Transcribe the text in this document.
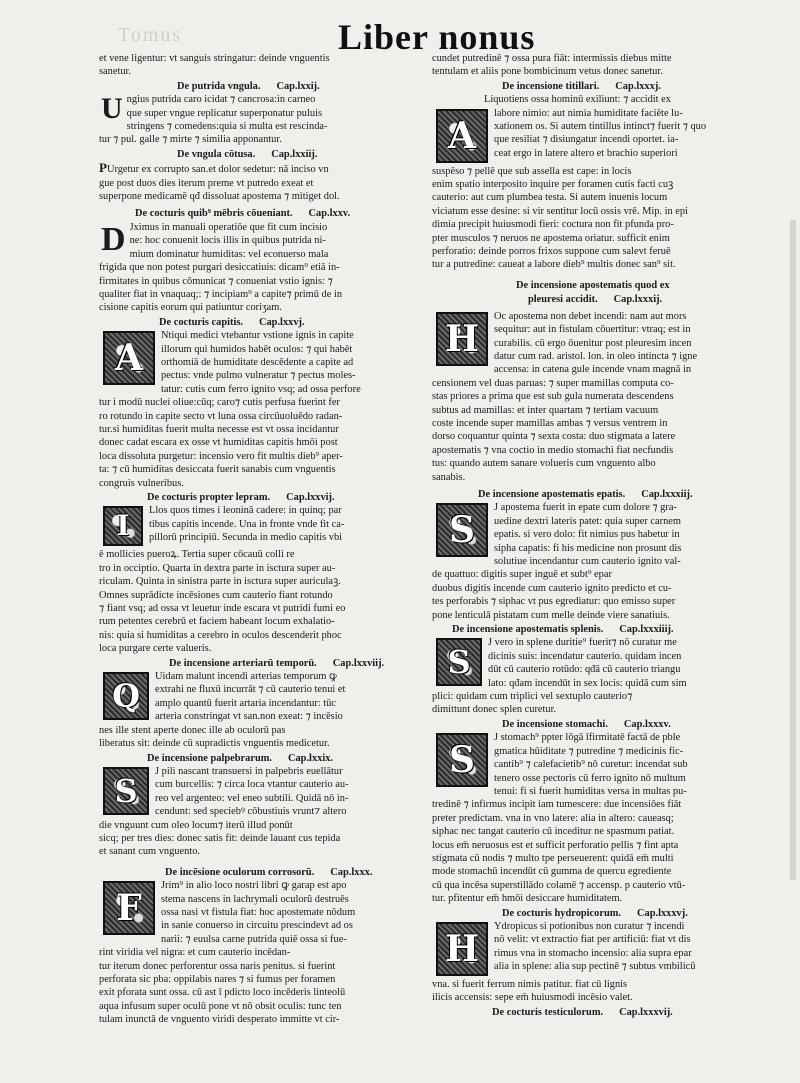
Tomus	Liber nonus
et vene ligentur: vt sanguis stringatur: deinde vnguentis
sanetur.
De putrida vngula. Cap.lxxij.
U ngius putrida caro icidat ⁊ cancrosa:in carneo
que super vngue replicatur superponatur puluis
stringens ⁊ comedens:quia si multa est rescinda-
tur ⁊ pul. galle ⁊ mirte ⁊ similia apponantur.
De vngula cōtusa. Cap.lxxiij.
PUrgetur ex corrupto san.et dolor sedetur: nā inciso vn
gue post duos dies iterum preme vt putredo exeat et
superpone medicamē qđ dissoluat apostema ⁊ mitiget dol.
De cocturis quib⁹ mēbris cōueniant. Cap.lxxv.
D Jximus in manuali operatiōe que fit cum incisio
ne: hoc conuenit locis illis in quibus putrida ni-
mium dominatur humiditas: vel econuerso mala
frigida que non potest purgari desiccatiuis: dicam⁹ etiā in-
firmitates in quibus cōmunicat ⁊ conueniat vstio ignis: ⁊
qualiter fiat in vnaquaq;: ⁊ incipiam⁹ a capite⁊ primū de in
cisione capitis eorum qui patiuntur coriʒam.
De cocturis capitis. Cap.lxxvj.
A
Ntiqui medici vtebantur vstione ignis in capite
illorum qui humidos habēt oculos: ⁊ qui habēt
orthomiā de humiditate descēdente a capite ad
pectus: vnde pulmo vulneratur ⁊ pectus moles-
tatur: cutis cum ferro ignito vsq; ad ossa perfore
tur i modū nuclei oliue:cūq; caro⁊ cutis perfusa fuerint fer
ro rotundo in capite secto vt luna ossa circūuoluēdo radan-
tur.si humiditas fuerit multa necesse est vt ossa incidantur
donec cadat escara ex osse vt humiditas capitis hmōi post
loca dissoluta purgetur: incensio vero fit multis dieb⁹ aper-
ta: ⁊ cū humiditas desiccata fuerit sanabis cum vnguentis
congruis vulneribus.
De cocturis propter lepram. Cap.lxxvij.
I	Llos quos times i leoninā cadere: in quinq; par
tibus capitis incende. Una in fronte vnde fit ca-
pillorū principiū. Secunda in medio capitis vbi
ē mollicies pueroꝝ. Tertia super cōcauū colli re
tro in occiptio. Quarta in dextra parte in isctura super au-
riculam. Quinta in sinistra parte in isctura super auriculaꝫ.
Omnes suprādicte incēsiones cum cauterio fiant rotundo
⁊ fiant vsq; ad ossa vt leuetur inde escara vt putridi fumi eo
rum petentes cerebrū et faciem habeant locum exhalatio-
nis: quia si humiditas a cerebro in oculos descenderit phoc
loca purgare certe valueris.
De incensione arteriarū temporū. Cap.lxxviij.
Q
Uidam malunt incendi arterias temporum ꝙ
extrahi ne fluxū incurrāt ⁊ cū cauterio tenui et
amplo quantū fuerit artaria incendantur: tūc
arteria constringat vt san.non exeat: ⁊ incēsio
nes ille stent aperte donec ille ab oculorū pas
liberatus sit: deinde cū supradictis vnguentis medicetur.
De incensione palpebrarum. Cap.lxxix.
S
J pili nascant transuersi in palpebris euellātur
cum burcellis: ⁊ circa loca vtantur cauterio au-
reo vel argenteo: vel eneo subtili. Quidā nō in-
cendunt: sed speciebꝰ cōbustiuis vrunt⁊ altero
die vnguunt cum oleo locum⁊ iterū illud ponūt
sicq; per tres dies: donec satis fit: deinde lauant cus tepida
et sanant cum vnguento.
De incēsione oculorum corrosorū. Cap.lxxx.
F
Jrim⁹ in alio loco nostri libri ꝙ garap est apo
stema nascens in lachrymali oculorū destruēs
ossa nasi vt fistula fiat: hoc apostemate nōdum
in sanie conuerso in circuitu prescindevt ad os
narii: ⁊ euulsa carne putrida quiē ossa si fue-
rint viridia vel nigra: et cum cauterio incēdan-
tur iterum donec perforentur ossa naris penitus. si fuerint
perforata sic pba: oppilabis nares ⁊ si fumus per foramen
exit pforata sunt ossa. cū ast ī pdicto loco incēderis linteolū
aqua infusum super oculū pone vt nō obsit oculis: tunc ten
tulam inunctā de vnguento viridi desperato immitte vt cir-
cundet putredinē ⁊ ossa pura fiāt: intermissis diebus mitte
tentulam et aliis pone bombicinum vetus donec sanetur.
De incensione titillari. Cap.lxxxj.
Liquotiens ossa hominū exiliunt: ⁊ accidit ex
A
labore nimio: aut nimia humiditate faciēte lu-
xationem os. Si autem tintillus intinct⁊ fuerit ⁊ quo
que resiliat ⁊ disiungatur incendi oportet. ia-
ceat ergo in latere altero et brachio superiori
suspēso ⁊ pellē que sub assella est cape: in locis
enim spatio interposito inquire per foramen cutis facti cuꝫ
cauterio: aut cum plumbea testa. Si autem inuenis locum
viciatum esse desine: si vir sentitur locū ossis vrē. Mip. in epi
dimia precipit huiusmodi fieri: coctura non fit pfunda pro-
pter musculos ⁊ neruos ne apostema oriatur. sufficit enim
perforatio: deinde porros frixos suppone cum salevt feruē
tur a putredine: caueat a labore dieb⁹ multis donec san⁹ sit.
De incensione apostematis quod ex
pleuresi accidit. Cap.lxxxij.
H
Oc apostema non debet incendi: nam aut mors
sequitur: aut in fistulam cōuertitur: vtraq; est in
curabilis. cū ergo ōuenitur post pleuresim incen
datur cum rad. aristol. lon. in oleo intincta ⁊ igne
accensa: in catena gule incende vnam magnā in
censionem vel duas paruas: ⁊ super mamillas computa co-
stas priores a prima que est sub gula numerata descendens
subtus ad mamillas: et inter quartam ⁊ tertiam vacuum
coste incende super mamillas ambas ⁊ versus ventrem in
dorso coquantur quinta ⁊ sexta costa: duo stigmata a latere
apostematis ⁊ vna coctio in medio stomachi fiat necfundis
tus: quando autem sanare volueris cum vnguento albo
sanabis.
De incensione apostematis epatis. Cap.lxxxiij.
S
J apostema fuerit in epate cum dolore ⁊ gra-
uedine dextri lateris patet: quia super carnem
epatis. si vero dolo: fit nimius pus habetur in
sipha capatis: fi his medicine non prosunt dis
solutiue incendantur cum cauterio ignito val-
de quattuo: digitis super inguē et subt⁹ epar
duobus digitis incende cum cauterio ignito predicto et cu-
tes perforabis ⁊ siphac vt pus egrediatur: quo emisso super
pone lenticulā pistatam cum melle deinde viere sanatiuis.
De incensione apostematis splenis. Cap.lxxxiiij.
S
J vero in splene duritie⁹ fuerit⁊ nō curatur me
dicinis suis: incendatur cauterio. quidam incen
dūt cū cauterio rotūdo: qđā cū cauterio triangu
lato: qđam incendūt in sex locis: quidā cum sim
plici: quidam cum triplici vel sextuplo cauterio⁊
dimittunt donec splen curetur.
De incensione stomachi. Cap.lxxxv.
S
J stomach⁹ ppter lōgā īfirmitatē factā de pble
gmatica hūiditate ⁊ putredine ⁊ medicinis fic-
cantib⁹ ⁊ calefacietib⁹ nō curetur: incendat sub
tenero osse pectoris cū ferro ignito nō multum
tenui: fi si fuerit humiditas versa in multas pu-
tredinē ⁊ infirmus incipit iam tumescere: due incensiōes fiāt
preter predictam. vna in vno latere: alia in altero: caueasq;
siphac nec tangat cauterio cū inceditur ne spasmum patiat.
locus em̄ neruosus est et sufficit perforatio pellis ⁊ fint apta
stigmata cū nodis ⁊ multo tpe perseuerent: quidā em̄ multi
mode stomachū incendūt cū gumma de quercu egrediente
cū qua incēsa superstillādo colamē ⁊ accensp. p cauterio vtū-
tur. pfitentur em̄ hmōi desiccare humiditatem.
De cocturis hydropicorum. Cap.lxxxvj.
H
Ydropicus si potionibus non curatur ⁊ incendi
nō velit: vt extractio fiat per artificiū: fiat vt dis
rimus vna in stomacho incensio: alia supra epar
alia in splene: alia sup pectinē ⁊ subtus vmbilicū
vna. si fuerit ferrum nimis patitur. fiat cū lignis
ilicis accensis: sepe em̄ huiusmodi incēsio valet.
De cocturis testiculorum. Cap.lxxxvij.
